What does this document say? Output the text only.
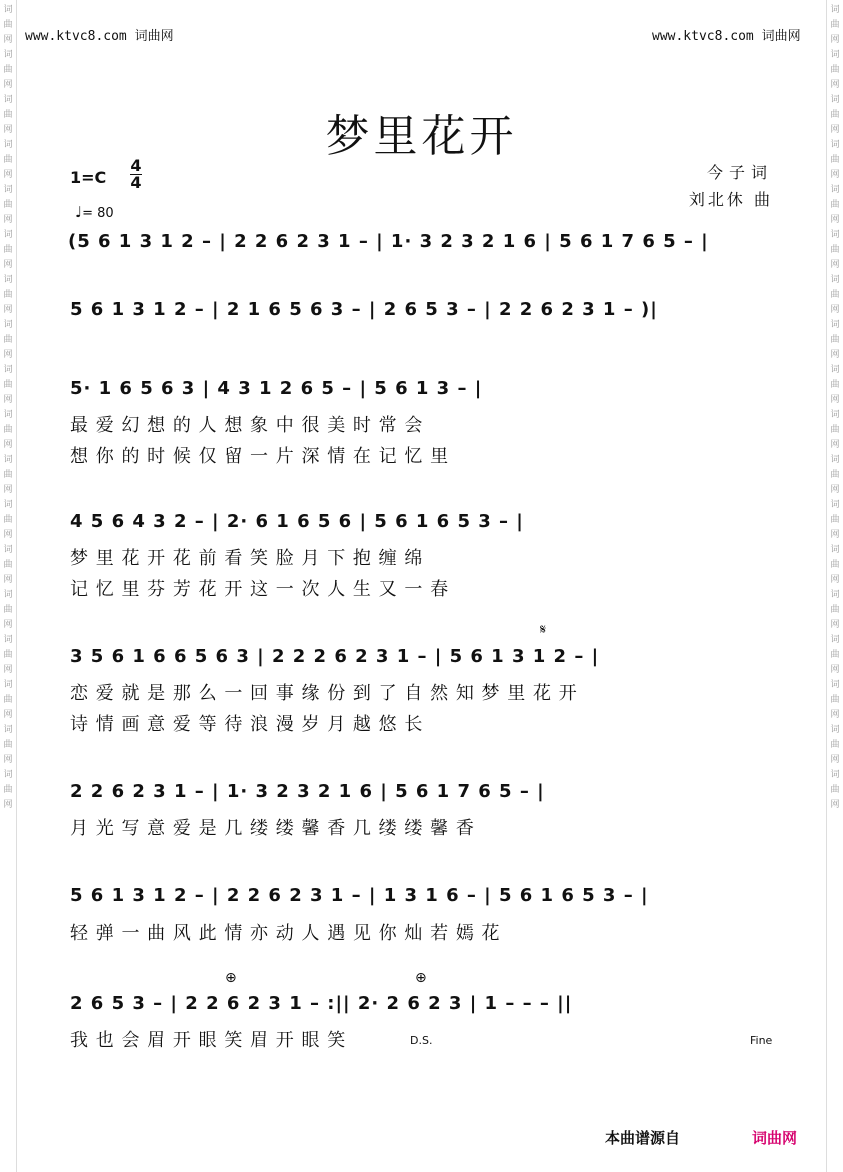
词
曲
网
词
曲
网
词
曲
网
词
曲
网
词
曲
网
词
曲
网
词
曲
网
词
曲
网
词
曲
网
词
曲
网
词
曲
网
词
曲
网
词
曲
网
词
曲
网
词
曲
网
词
曲
网
词
曲
网
词
曲
网
词
曲
网
词
曲
网
词
曲
网
词
曲
网
词
曲
网
词
曲
网
词
曲
网
词
曲
网
词
曲
网
词
曲
网
词
曲
网
词
曲
网
词
曲
网
词
曲
网
词
曲
网
词
曲
网
词
曲
网
词
曲
网
www.ktvc8.com 词曲网	www.ktvc8.com 词曲网
梦里花开
1=C
4
4
♩= 80
今子词
刘北休 曲
(5 6 1 3 1 2 – | 2 2 6 2 3 1 – | 1· 3 2 3 2 1 6 | 5 6 1 7 6 5 – |
5 6 1 3 1 2 – | 2 1 6 5 6 3 – | 2 6 5 3 – | 2 2 6 2 3 1 – )|
5· 1 6 5 6 3 | 4 3 1 2 6 5 – | 5 6 1 3 – |
最 爱 幻 想 的 人 想 象 中 很 美 时 常 会
想 你 的 时 候 仅 留 一 片 深 情 在 记 忆 里
4 5 6 4 3 2 – | 2· 6 1 6 5 6 | 5 6 1 6 5 3 – |
梦 里 花 开 花 前 看 笑 脸 月 下 抱 缠 绵
记 忆 里 芬 芳 花 开 这 一 次 人 生 又 一 春
𝄋
3 5 6 1 6 6 5 6 3 | 2 2 2 6 2 3 1 – | 5 6 1 3 1 2 – |
恋 爱 就 是 那 么 一 回 事 缘 份 到 了 自 然 知 梦 里 花 开
诗 情 画 意 爱 等 待 浪 漫 岁 月 越 悠 长
2 2 6 2 3 1 – | 1· 3 2 3 2 1 6 | 5 6 1 7 6 5 – |
月 光 写 意 爱 是 几 缕 缕 馨 香 几 缕 缕 馨 香
5 6 1 3 1 2 – | 2 2 6 2 3 1 – | 1 3 1 6 – | 5 6 1 6 5 3 – |
轻 弹 一 曲 风 此 情 亦 动 人 遇 见 你 灿 若 嫣 花
⊕	⊕
2 6 5 3 – | 2 2 6 2 3 1 – :|| 2· 2 6 2 3 | 1 – – – ||
我 也 会 眉 开 眼 笑 眉 开 眼 笑	D.S.	Fine
本曲谱源自	词曲网
